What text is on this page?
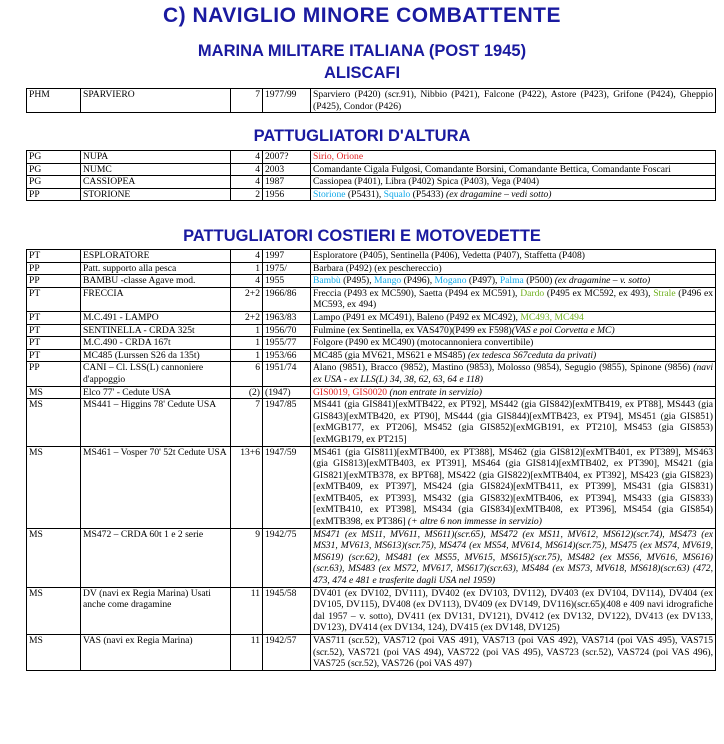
C) NAVIGLIO MINORE COMBATTENTE
MARINA MILITARE ITALIANA (POST 1945)
ALISCAFI
PHM	SPARVIERO	7	1977/99	Sparviero (P420) (scr.91), Nibbio (P421), Falcone (P422), Astore (P423), Grifone (P424), Gheppio (P425), Condor (P426)
PATTUGLIATORI D'ALTURA
PG	NUPA	4	2007?	Sirio, Orione
PG	NUMC	4	2003	Comandante Cigala Fulgosi, Comandante Borsini, Comandante Bettica, Comandante Foscari
PG	CASSIOPEA	4	1987	Cassiopea (P401), Libra (P402) Spica (P403), Vega (P404)
PP	STORIONE	2	1956	Storione (P5431), Squalo (P5433) (ex dragamine – vedi sotto)
PATTUGLIATORI COSTIERI E MOTOVEDETTE
PT	ESPLORATORE	4	1997	Esploratore (P405), Sentinella (P406), Vedetta (P407), Staffetta (P408)
PP	Patt. supporto alla pesca	1	1975/	Barbara (P492) (ex peschereccio)
PP	BAMBU -classe Agave mod.	4	1955	Bambù (P495), Mango (P496), Mogano (P497), Palma (P500) (ex dragamine – v. sotto)
PT	FRECCIA	2+2	1966/86	Freccia (P493 ex MC590), Saetta (P494 ex MC591), Dardo (P495 ex MC592, ex 493), Strale (P496 ex MC593, ex 494)
PT	M.C.491 - LAMPO	2+2	1963/83	Lampo (P491 ex MC491), Baleno (P492 ex MC492), MC493, MC494
PT	SENTINELLA - CRDA 325t	1	1956/70	Fulmine (ex Sentinella, ex VAS470)(P499 ex F598)(VAS e poi Corvetta e MC)
PT	M.C.490 - CRDA 167t	1	1955/77	Folgore (P490 ex MC490) (motocannoniera convertibile)
PT	MC485 (Lurssen S26 da 135t)	1	1953/66	MC485 (gia MV621, MS621 e MS485) (ex tedesca S67ceduta da privati)
PP	CANI – Cl. LSS(L) cannoniere d'appoggio	6	1951/74	Alano (9851), Bracco (9852), Mastino (9853), Molosso (9854), Segugio (9855), Spinone (9856) (navi ex USA - ex LLS(L) 34, 38, 62, 63, 64 e 118)
MS	Elco 77' - Cedute USA	(2)	(1947)	GIS0019, GIS0020 (non entrate in servizio)
MS	MS441 – Higgins 78' Cedute USA	7	1947/85	MS441 (gia GIS841)[exMTB422, ex PT92], MS442 (gia GIS842)[exMTB419, ex PT88], MS443 (gia GIS843)[exMTB420, ex PT90], MS444 (gia GIS844)[exMTB423, ex PT94], MS451 (gia GIS851)[exMGB177, ex PT206], MS452 (gia GIS852)[exMGB191, ex PT210], MS453 (gia GIS853)[exMGB179, ex PT215]
MS	MS461 – Vosper 70' 52t Cedute USA	13+6	1947/59	MS461 (gia GIS811)[exMTB400, ex PT388], MS462 (gia GIS812)[exMTB401, ex PT389], MS463 (gia GIS813)[exMTB403, ex PT391], MS464 (gia GIS814)[exMTB402, ex PT390], MS421 (gia GIS821)[exMTB378, ex BPT68], MS422 (gia GIS822)[exMTB404, ex PT392], MS423 (gia GIS823)[exMTB409, ex PT397], MS424 (gia GIS824)[exMTB411, ex PT399], MS431 (gia GIS831)[exMTB405, ex PT393], MS432 (gia GIS832)[exMTB406, ex PT394], MS433 (gia GIS833)[exMTB410, ex PT398], MS434 (gia GIS834)[exMTB408, ex PT396], MS454 (gia GIS854)[exMTB398, ex PT386] (+ altre 6 non immesse in servizio)
MS	MS472 – CRDA 60t 1 e 2 serie	9	1942/75	MS471 (ex MS11, MV611, MS611)(scr.65), MS472 (ex MS11, MV612, MS612)(scr.74), MS473 (ex MS31, MV613, MS613)(scr.75), MS474 (ex MS54, MV614, MS614)(scr.75), MS475 (ex MS74, MV619, MS619) (scr.62), MS481 (ex MS55, MV615, MS615)(scr.75), MS482 (ex MS56, MV616, MS616)(scr.63), MS483 (ex MS72, MV617, MS617)(scr.63), MS484 (ex MS73, MV618, MS618)(scr.63) (472, 473, 474 e 481 e trasferite dagli USA nel 1959)
MS	DV (navi ex Regia Marina) Usati anche come dragamine	11	1945/58	DV401 (ex DV102, DV111), DV402 (ex DV103, DV112), DV403 (ex DV104, DV114), DV404 (ex DV105, DV115), DV408 (ex DV113), DV409 (ex DV149, DV116)(scr.65)(408 e 409 navi idrografiche dal 1957 – v. sotto), DV411 (ex DV131, DV121), DV412 (ex DV132, DV122), DV413 (ex DV133, DV123), DV414 (ex DV134, 124), DV415 (ex DV148, DV125)
MS	VAS (navi ex Regia Marina)	11	1942/57	VAS711 (scr.52), VAS712 (poi VAS 491), VAS713 (poi VAS 492), VAS714 (poi VAS 495), VAS715 (scr.52), VAS721 (poi VAS 494), VAS722 (poi VAS 495), VAS723 (scr.52), VAS724 (poi VAS 496), VAS725 (scr.52), VAS726 (poi VAS 497)
